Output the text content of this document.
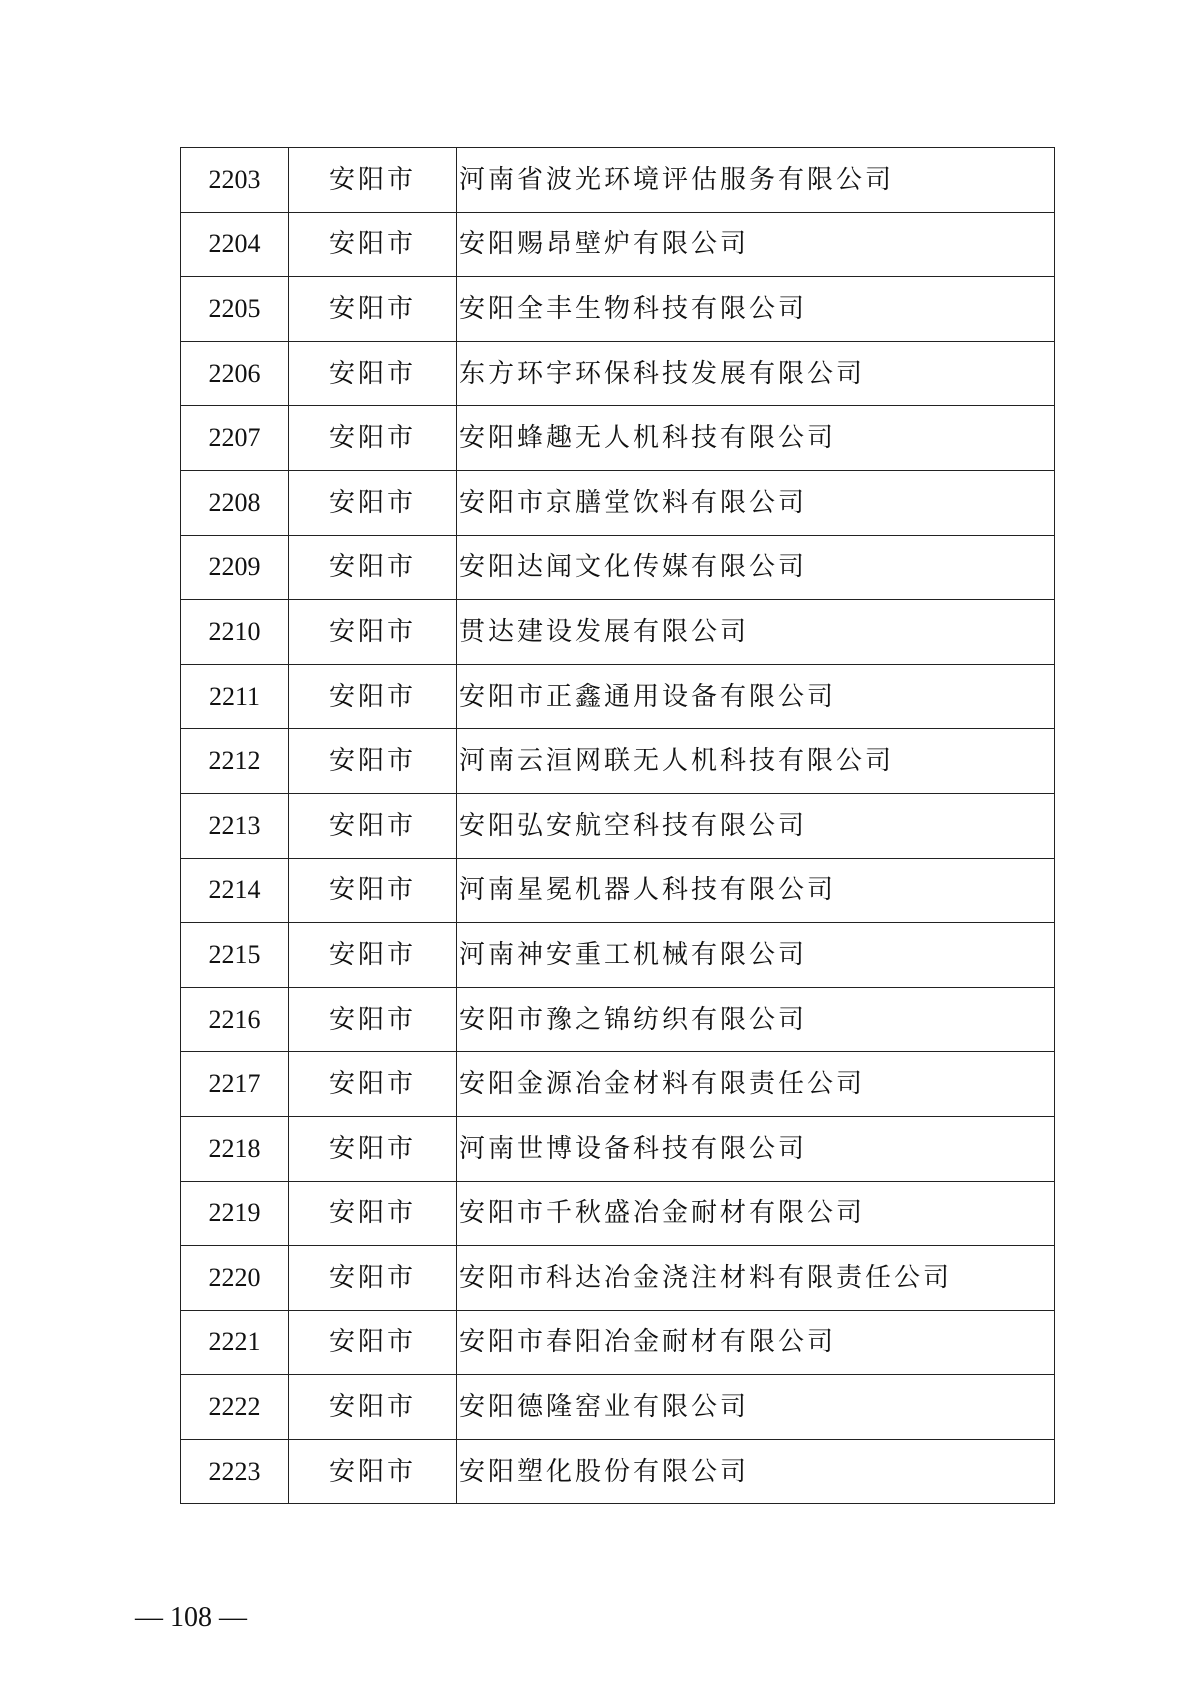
2203	安阳市	河南省波光环境评估服务有限公司
2204	安阳市	安阳赐昂壁炉有限公司
2205	安阳市	安阳全丰生物科技有限公司
2206	安阳市	东方环宇环保科技发展有限公司
2207	安阳市	安阳蜂趣无人机科技有限公司
2208	安阳市	安阳市京膳堂饮料有限公司
2209	安阳市	安阳达闻文化传媒有限公司
2210	安阳市	贯达建设发展有限公司
2211	安阳市	安阳市正鑫通用设备有限公司
2212	安阳市	河南云洹网联无人机科技有限公司
2213	安阳市	安阳弘安航空科技有限公司
2214	安阳市	河南星冕机器人科技有限公司
2215	安阳市	河南神安重工机械有限公司
2216	安阳市	安阳市豫之锦纺织有限公司
2217	安阳市	安阳金源冶金材料有限责任公司
2218	安阳市	河南世博设备科技有限公司
2219	安阳市	安阳市千秋盛冶金耐材有限公司
2220	安阳市	安阳市科达冶金浇注材料有限责任公司
2221	安阳市	安阳市春阳冶金耐材有限公司
2222	安阳市	安阳德隆窑业有限公司
2223	安阳市	安阳塑化股份有限公司
— 108 —
